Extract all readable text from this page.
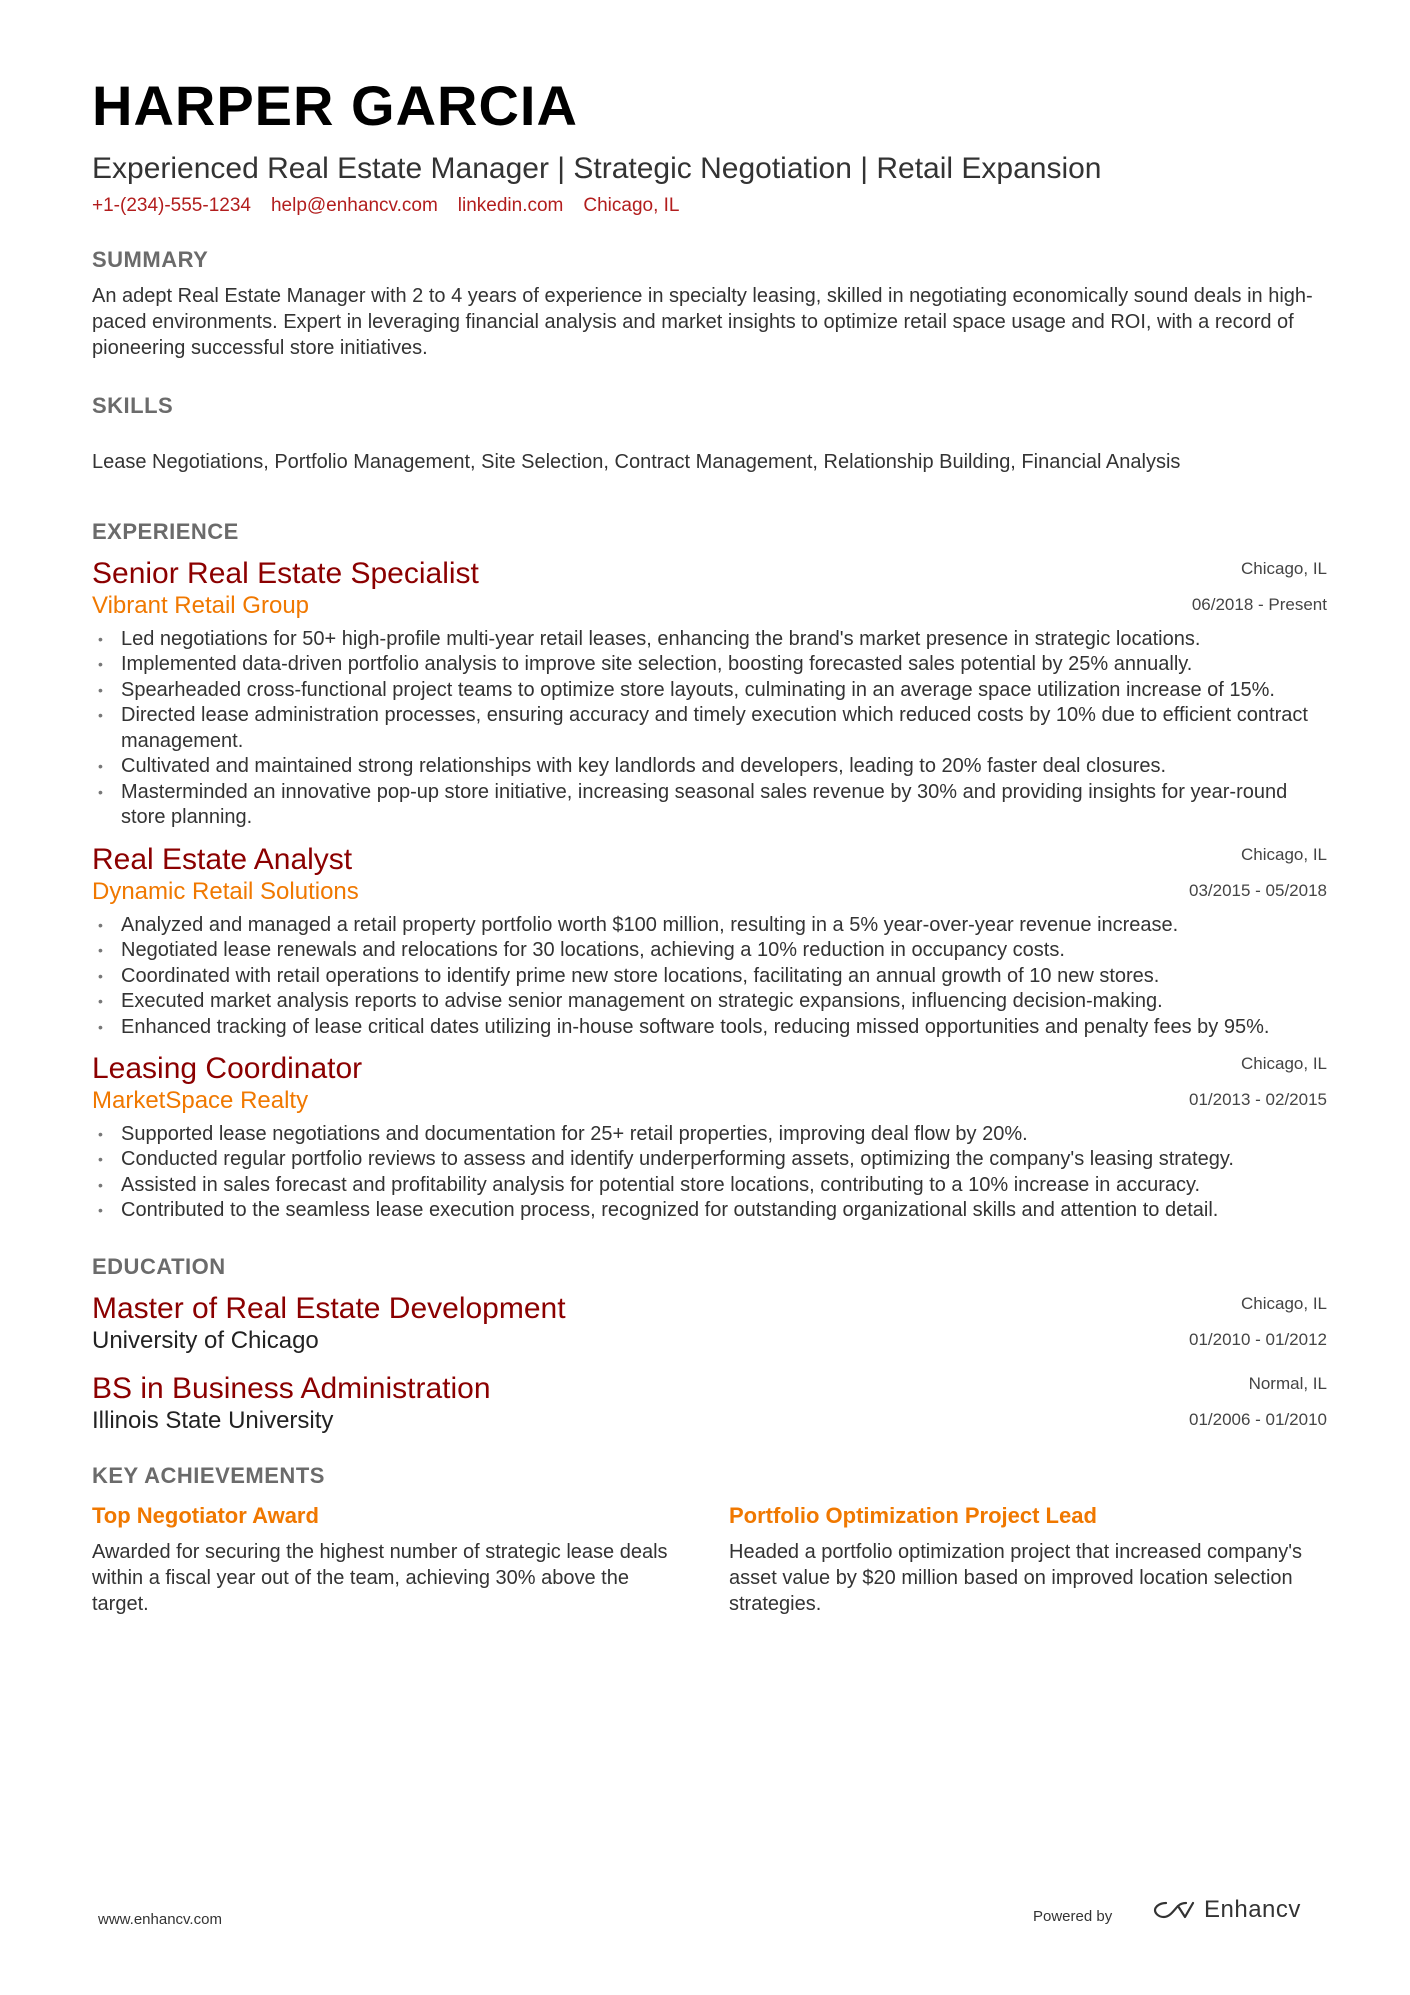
HARPER GARCIA
Experienced Real Estate Manager | Strategic Negotiation | Retail Expansion
+1-(234)-555-1234 help@enhancv.com linkedin.com Chicago, IL
SUMMARY
An adept Real Estate Manager with 2 to 4 years of experience in specialty leasing, skilled in negotiating economically sound deals in high-paced environments. Expert in leveraging financial analysis and market insights to optimize retail space usage and ROI, with a record of pioneering successful store initiatives.
SKILLS
Lease Negotiations, Portfolio Management, Site Selection, Contract Management, Relationship Building, Financial Analysis
EXPERIENCE
Senior Real Estate Specialist
Vibrant Retail Group
Chicago, IL
06/2018 - Present
• Led negotiations for 50+ high-profile multi-year retail leases, enhancing the brand's market presence in strategic locations.
• Implemented data-driven portfolio analysis to improve site selection, boosting forecasted sales potential by 25% annually.
• Spearheaded cross-functional project teams to optimize store layouts, culminating in an average space utilization increase of 15%.
• Directed lease administration processes, ensuring accuracy and timely execution which reduced costs by 10% due to efficient contract management.
• Cultivated and maintained strong relationships with key landlords and developers, leading to 20% faster deal closures.
• Masterminded an innovative pop-up store initiative, increasing seasonal sales revenue by 30% and providing insights for year-round store planning.
Real Estate Analyst
Dynamic Retail Solutions
Chicago, IL
03/2015 - 05/2018
• Analyzed and managed a retail property portfolio worth $100 million, resulting in a 5% year-over-year revenue increase.
• Negotiated lease renewals and relocations for 30 locations, achieving a 10% reduction in occupancy costs.
• Coordinated with retail operations to identify prime new store locations, facilitating an annual growth of 10 new stores.
• Executed market analysis reports to advise senior management on strategic expansions, influencing decision-making.
• Enhanced tracking of lease critical dates utilizing in-house software tools, reducing missed opportunities and penalty fees by 95%.
Leasing Coordinator
MarketSpace Realty
Chicago, IL
01/2013 - 02/2015
• Supported lease negotiations and documentation for 25+ retail properties, improving deal flow by 20%.
• Conducted regular portfolio reviews to assess and identify underperforming assets, optimizing the company's leasing strategy.
• Assisted in sales forecast and profitability analysis for potential store locations, contributing to a 10% increase in accuracy.
• Contributed to the seamless lease execution process, recognized for outstanding organizational skills and attention to detail.
EDUCATION
Master of Real Estate Development
University of Chicago
Chicago, IL
01/2010 - 01/2012
BS in Business Administration
Illinois State University
Normal, IL
01/2006 - 01/2010
KEY ACHIEVEMENTS
Top Negotiator Award
Awarded for securing the highest number of strategic lease deals within a fiscal year out of the team, achieving 30% above the target.
Portfolio Optimization Project Lead
Headed a portfolio optimization project that increased company's asset value by $20 million based on improved location selection strategies.
www.enhancv.com	Powered by	Enhancv
